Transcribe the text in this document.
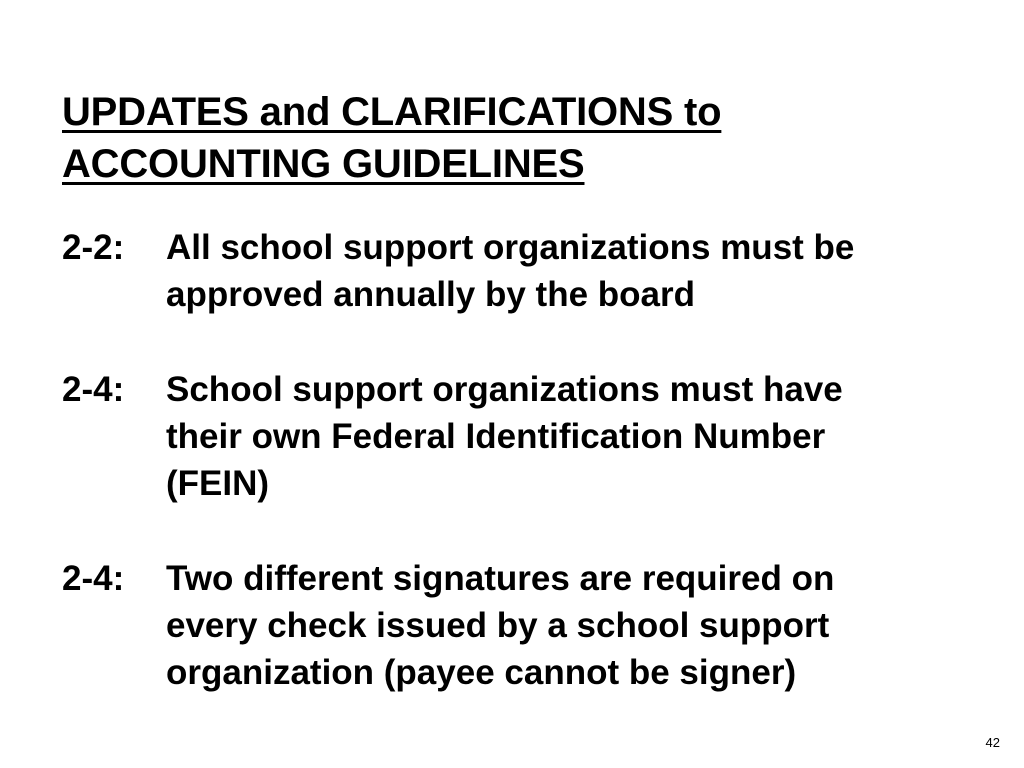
UPDATES and CLARIFICATIONS to
ACCOUNTING GUIDELINES
2-2:	All school support organizations must be
approved annually by the board
2-4:	School support organizations must have
their own Federal Identification Number
(FEIN)
2-4:	Two different signatures are required on
every check issued by a school support
organization (payee cannot be signer)
42
